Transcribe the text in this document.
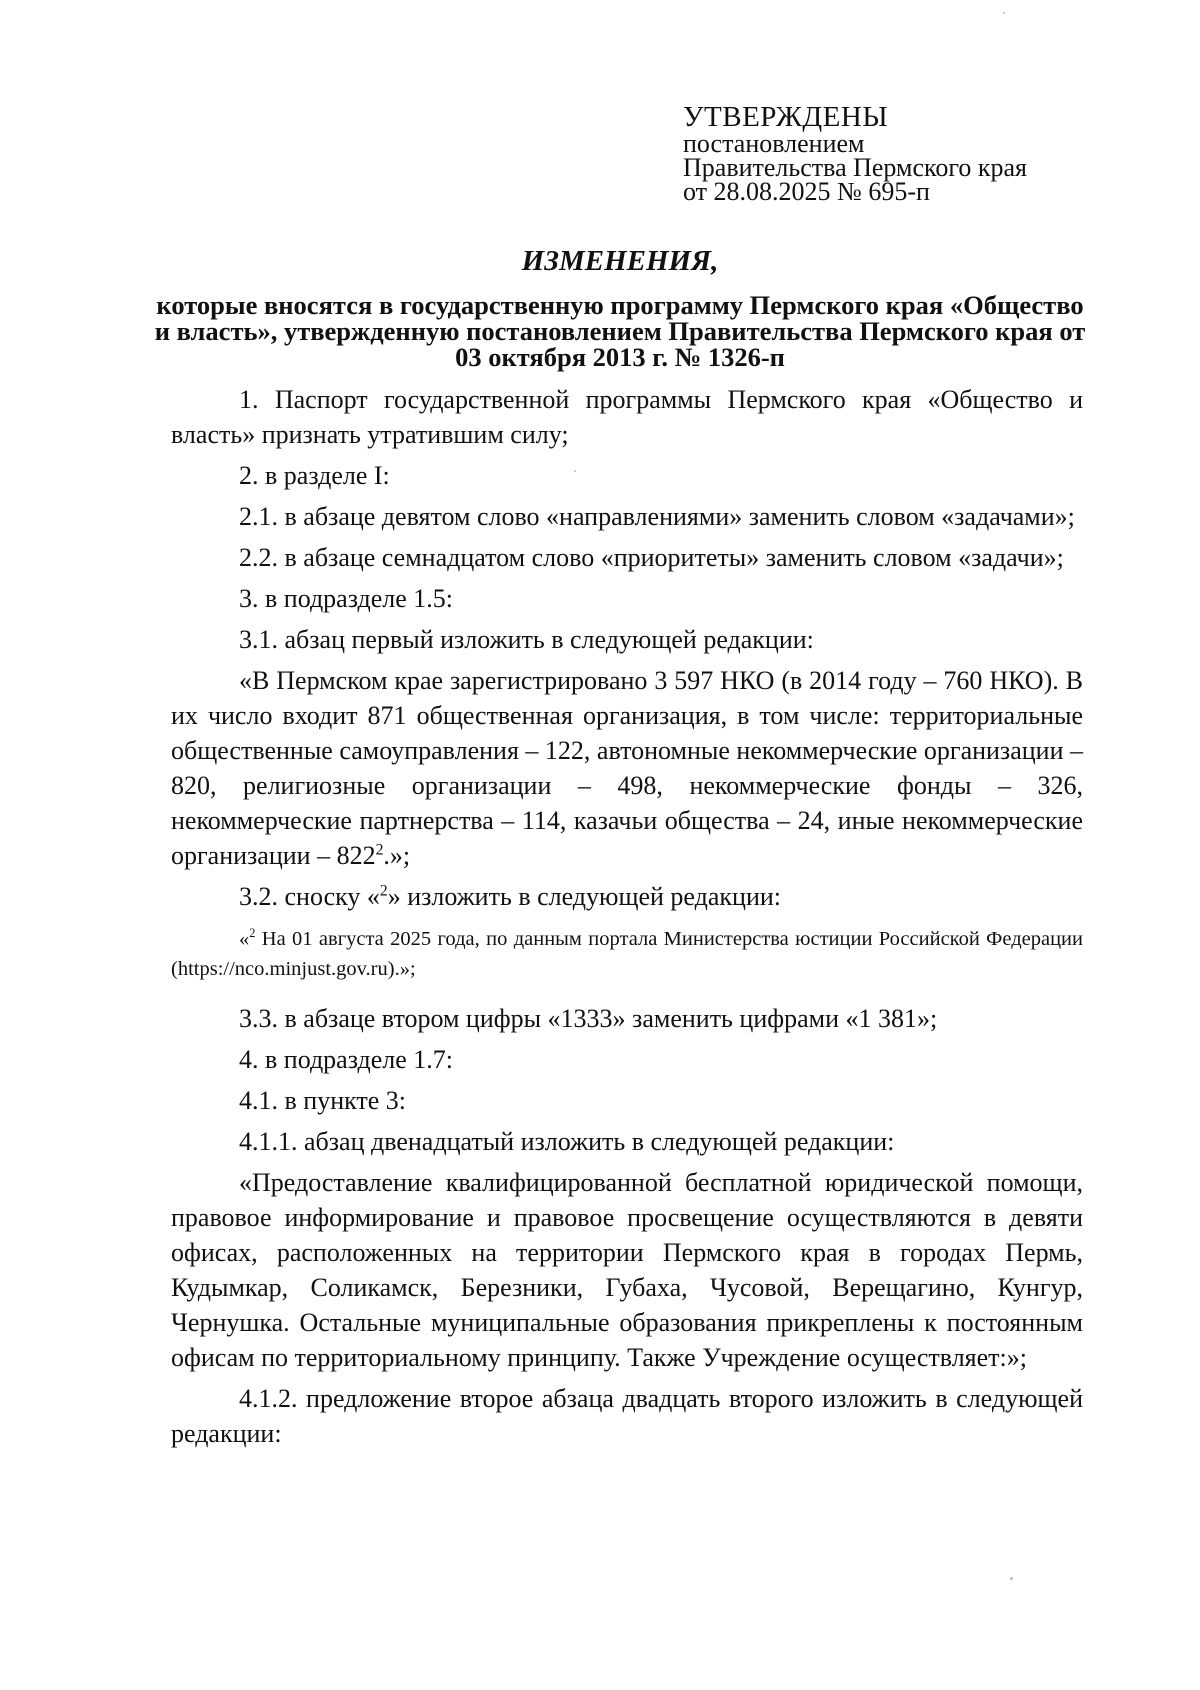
УТВЕРЖДЕНЫ
постановлением
Правительства Пермского края
от 28.08.2025 № 695-п
ИЗМЕНЕНИЯ,
которые вносятся в государственную программу Пермского края «Общество и власть», утвержденную постановлением Правительства Пермского края от 03 октября 2013 г. № 1326-п

1. Паспорт государственной программы Пермского края «Общество и власть» признать утратившим силу;

2. в разделе I:

2.1. в абзаце девятом слово «направлениями» заменить словом «задачами»;

2.2. в абзаце семнадцатом слово «приоритеты» заменить словом «задачи»;

3. в подразделе 1.5:

3.1. абзац первый изложить в следующей редакции:

«В Пермском крае зарегистрировано 3 597 НКО (в 2014 году – 760 НКО). В их число входит 871 общественная организация, в том числе: территориальные общественные самоуправления – 122, автономные некоммерческие организации – 820, религиозные организации – 498, некоммерческие фонды – 326, некоммерческие партнерства – 114, казачьи общества – 24, иные некоммерческие организации – $822^2$.»;

3.2. сноску «$^2$» изложить в следующей редакции:

«$^2$ На 01 августа 2025 года, по данным портала Министерства юстиции Российской Федерации (https://nco.minjust.gov.ru).»;

3.3. в абзаце втором цифры «1333» заменить цифрами «1 381»;

4. в подразделе 1.7:

4.1. в пункте 3:

4.1.1. абзац двенадцатый изложить в следующей редакции:

«Предоставление квалифицированной бесплатной юридической помощи, правовое информирование и правовое просвещение осуществляются в девяти офисах, расположенных на территории Пермского края в городах Пермь, Кудымкар, Соликамск, Березники, Губаха, Чусовой, Верещагино, Кунгур, Чернушка. Остальные муниципальные образования прикреплены к постоянным офисам по территориальному принципу. Также Учреждение осуществляет:»;

4.1.2. предложение второе абзаца двадцать второго изложить в следующей редакции:
